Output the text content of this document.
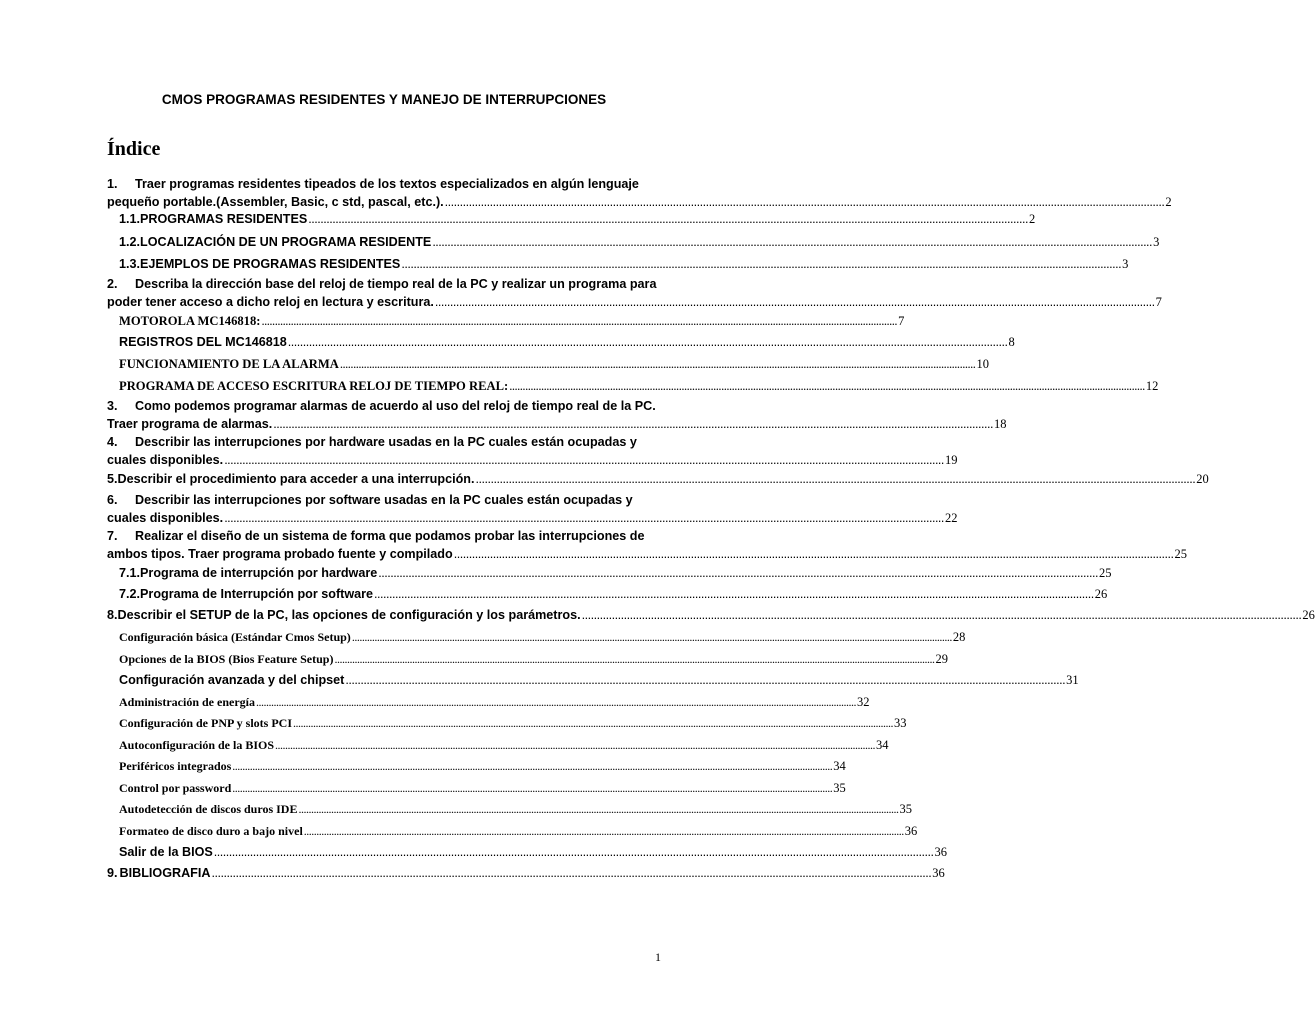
CMOS PROGRAMAS RESIDENTES Y MANEJO DE INTERRUPCIONES
Índice
1. Traer programas residentes tipeados de los textos especializados en algún lenguaje
pequeño portable.(Assembler, Basic, c std, pascal, etc.). .....	2
1.1. PROGRAMAS RESIDENTES .....	2
1.2. LOCALIZACIÓN DE UN PROGRAMA RESIDENTE .....	3
1.3. EJEMPLOS DE PROGRAMAS RESIDENTES .....	3
2. Describa la dirección base del reloj de tiempo real de la PC y realizar un programa para
poder tener acceso a dicho reloj en lectura y escritura. .....	7
MOTOROLA MC146818: .....	7
REGISTROS DEL MC146818 .....	8
FUNCIONAMIENTO DE LA ALARMA .....	10
PROGRAMA DE ACCESO ESCRITURA RELOJ DE TIEMPO REAL: .....	12
3. Como podemos programar alarmas de acuerdo al uso del reloj de tiempo real de la PC.
Traer programa de alarmas. .....	18
4. Describir las interrupciones por hardware usadas en la PC cuales están ocupadas y
cuales disponibles. .....	19
5. Describir el procedimiento para acceder a una interrupción. .....	20
6. Describir las interrupciones por software usadas en la PC cuales están ocupadas y
cuales disponibles. .....	22
7. Realizar el diseño de un sistema de forma que podamos probar las interrupciones de
ambos tipos. Traer programa probado fuente y compilado .....	25
7.1. Programa de interrupción por hardware .....	25
7.2. Programa de Interrupción por software .....	26
8. Describir el SETUP de la PC, las opciones de configuración y los parámetros. .....	26
Configuración básica (Estándar Cmos Setup) .....	28
Opciones de la BIOS (Bios Feature Setup) .....	29
Configuración avanzada y del chipset .....	31
Administración de energía .....	32
Configuración de PNP y slots PCI .....	33
Autoconfiguración de la BIOS .....	34
Periféricos integrados .....	34
Control por password .....	35
Autodetección de discos duros IDE .....	35
Formateo de disco duro a bajo nivel .....	36
Salir de la BIOS .....	36
9. BIBLIOGRAFIA .....	36
1
